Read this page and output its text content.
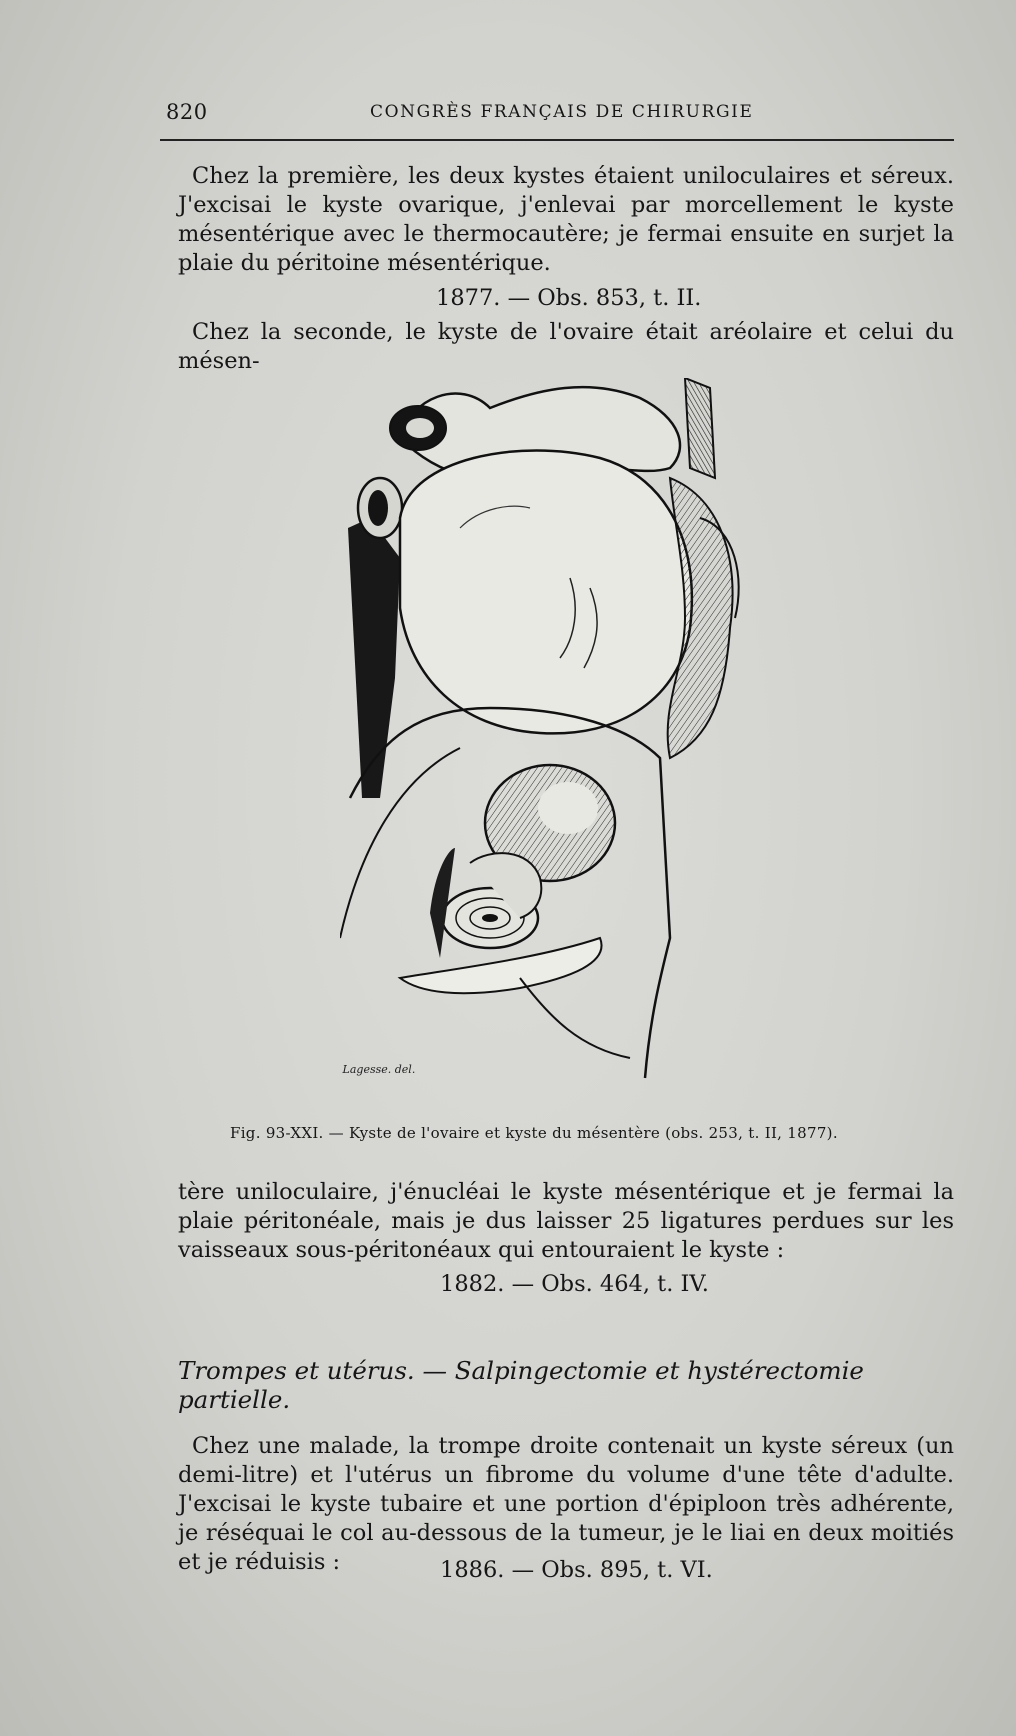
820	CONGRÈS FRANÇAIS DE CHIRURGIE

Chez la première, les deux kystes étaient uniloculaires et séreux. J'excisai le kyste ovarique, j'enlevai par morcellement le kyste mésentérique avec le thermocautère; je fermai ensuite en surjet la plaie du péritoine mésentérique.

1877. — Obs. 853, t. II.

Chez la seconde, le kyste de l'ovaire était aréolaire et celui du mésen-

J. Lagesse. del.
Fig. 93-XXI. — Kyste de l'ovaire et kyste du mésentère (obs. 253, t. II, 1877).

tère uniloculaire, j'énucléai le kyste mésentérique et je fermai la plaie péritonéale, mais je dus laisser 25 ligatures perdues sur les vaisseaux sous-péritonéaux qui entouraient le kyste :

1882. — Obs. 464, t. IV.

Trompes et utérus. — Salpingectomie et hystérectomie partielle.

Chez une malade, la trompe droite contenait un kyste séreux (un demi-litre) et l'utérus un fibrome du volume d'une tête d'adulte. J'excisai le kyste tubaire et une portion d'épiploon très adhérente, je réséquai le col au-dessous de la tumeur, je le liai en deux moitiés et je réduisis :	1886. — Obs. 895, t. VI.
